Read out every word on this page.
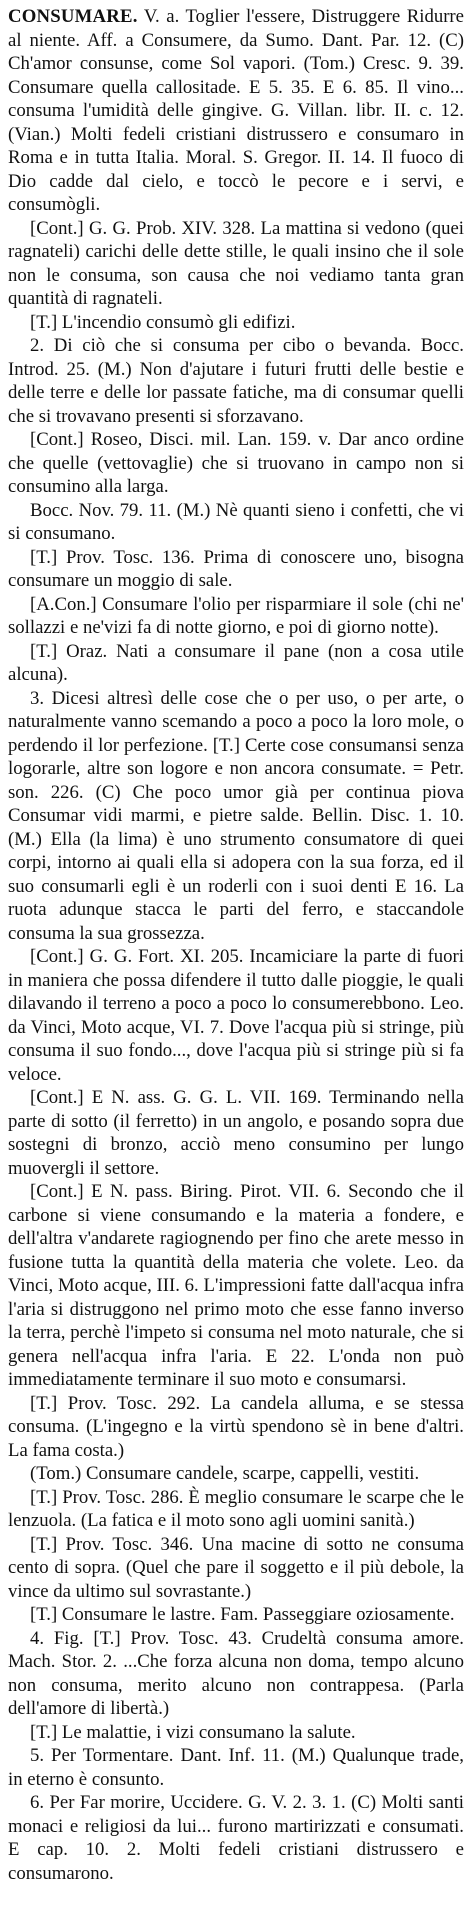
CONSUMARE. V. a. Toglier l'essere, Distruggere Ridurre al niente. Aff. a Consumere, da Sumo. Dant. Par. 12. (C) Ch'amor consunse, come Sol vapori. (Tom.) Cresc. 9. 39. Consumare quella callositade. E 5. 35. E 6. 85. Il vino... consuma l'umidità delle gingive. G. Villan. libr. II. c. 12. (Vian.) Molti fedeli cristiani distrussero e consumaro in Roma e in tutta Italia. Moral. S. Gregor. II. 14. Il fuoco di Dio cadde dal cielo, e toccò le pecore e i servi, e consumògli.

[Cont.] G. G. Prob. XIV. 328. La mattina si vedono (quei ragnateli) carichi delle dette stille, le quali insino che il sole non le consuma, son causa che noi vediamo tanta gran quantità di ragnateli.

[T.] L'incendio consumò gli edifizi.

2. Di ciò che si consuma per cibo o bevanda. Bocc. Introd. 25. (M.) Non d'ajutare i futuri frutti delle bestie e delle terre e delle lor passate fatiche, ma di consumar quelli che si trovavano presenti si sforzavano.

[Cont.] Roseo, Disci. mil. Lan. 159. v. Dar anco ordine che quelle (vettovaglie) che si truovano in campo non si consumino alla larga.

Bocc. Nov. 79. 11. (M.) Nè quanti sieno i confetti, che vi si consumano.

[T.] Prov. Tosc. 136. Prima di conoscere uno, bisogna consumare un moggio di sale.

[A.Con.] Consumare l'olio per risparmiare il sole (chi ne' sollazzi e ne'vizi fa di notte giorno, e poi di giorno notte).

[T.] Oraz. Nati a consumare il pane (non a cosa utile alcuna).

3. Dicesi altresì delle cose che o per uso, o per arte, o naturalmente vanno scemando a poco a poco la loro mole, o perdendo il lor perfezione. [T.] Certe cose consumansi senza logorarle, altre son logore e non ancora consumate. = Petr. son. 226. (C) Che poco umor già per continua piova Consumar vidi marmi, e pietre salde. Bellin. Disc. 1. 10. (M.) Ella (la lima) è uno strumento consumatore di quei corpi, intorno ai quali ella si adopera con la sua forza, ed il suo consumarli egli è un roderli con i suoi denti E 16. La ruota adunque stacca le parti del ferro, e staccandole consuma la sua grossezza.

[Cont.] G. G. Fort. XI. 205. Incamiciare la parte di fuori in maniera che possa difendere il tutto dalle pioggie, le quali dilavando il terreno a poco a poco lo consumerebbono. Leo. da Vinci, Moto acque, VI. 7. Dove l'acqua più si stringe, più consuma il suo fondo..., dove l'acqua più si stringe più si fa veloce.

[Cont.] E N. ass. G. G. L. VII. 169. Terminando nella parte di sotto (il ferretto) in un angolo, e posando sopra due sostegni di bronzo, acciò meno consumino per lungo muovergli il settore.

[Cont.] E N. pass. Biring. Pirot. VII. 6. Secondo che il carbone si viene consumando e la materia a fondere, e dell'altra v'andarete ragiognendo per fino che arete messo in fusione tutta la quantità della materia che volete. Leo. da Vinci, Moto acque, III. 6. L'impressioni fatte dall'acqua infra l'aria si distruggono nel primo moto che esse fanno inverso la terra, perchè l'impeto si consuma nel moto naturale, che si genera nell'acqua infra l'aria. E 22. L'onda non può immediatamente terminare il suo moto e consumarsi.

[T.] Prov. Tosc. 292. La candela alluma, e se stessa consuma. (L'ingegno e la virtù spendono sè in bene d'altri. La fama costa.)

(Tom.) Consumare candele, scarpe, cappelli, vestiti.

[T.] Prov. Tosc. 286. È meglio consumare le scarpe che le lenzuola. (La fatica e il moto sono agli uomini sanità.)

[T.] Prov. Tosc. 346. Una macine di sotto ne consuma cento di sopra. (Quel che pare il soggetto e il più debole, la vince da ultimo sul sovrastante.)

[T.] Consumare le lastre. Fam. Passeggiare oziosamente.

4. Fig. [T.] Prov. Tosc. 43. Crudeltà consuma amore. Mach. Stor. 2. ...Che forza alcuna non doma, tempo alcuno non consuma, merito alcuno non contrappesa. (Parla dell'amore di libertà.)

[T.] Le malattie, i vizi consumano la salute.

5. Per Tormentare. Dant. Inf. 11. (M.) Qualunque trade, in eterno è consunto.

6. Per Far morire, Uccidere. G. V. 2. 3. 1. (C) Molti santi monaci e religiosi da lui... furono martirizzati e consumati. E cap. 10. 2. Molti fedeli cristiani distrussero e consumarono.
